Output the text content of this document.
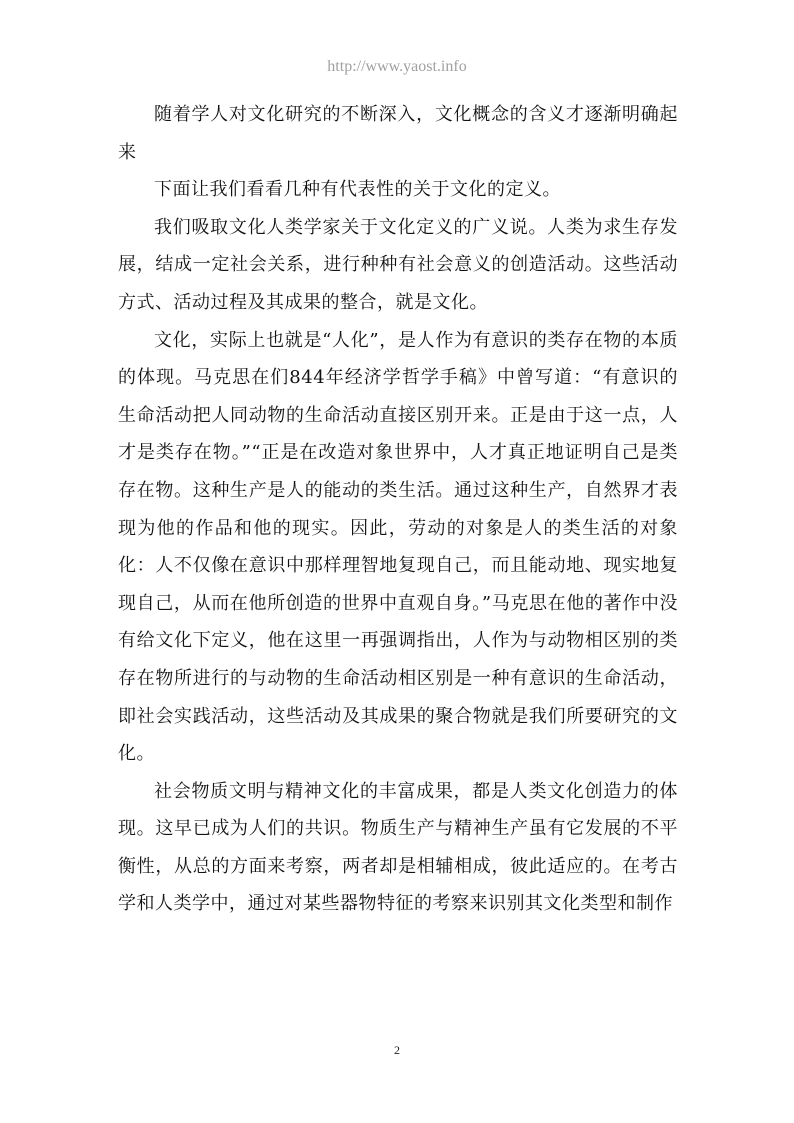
http://www.yaost.info

随着学人对文化研究的不断深入，文化概念的含义才逐渐明确起来

下面让我们看看几种有代表性的关于文化的定义。

我们吸取文化人类学家关于文化定义的广义说。人类为求生存发展，结成一定社会关系，进行种种有社会意义的创造活动。这些活动方式、活动过程及其成果的整合，就是文化。

文化，实际上也就是“人化”，是人作为有意识的类存在物的本质的体现。马克思在们844年经济学哲学手稿》中曾写道：“有意识的生命活动把人同动物的生命活动直接区别开来。正是由于这一点，人才是类存在物。”“正是在改造对象世界中，人才真正地证明自己是类存在物。这种生产是人的能动的类生活。通过这种生产，自然界才表现为他的作品和他的现实。因此，劳动的对象是人的类生活的对象化：人不仅像在意识中那样理智地复现自己，而且能动地、现实地复现自己，从而在他所创造的世界中直观自身。”马克思在他的著作中没有给文化下定义，他在这里一再强调指出，人作为与动物相区别的类存在物所进行的与动物的生命活动相区别是一种有意识的生命活动，即社会实践活动，这些活动及其成果的聚合物就是我们所要研究的文化。

社会物质文明与精神文化的丰富成果，都是人类文化创造力的体现。这早已成为人们的共识。物质生产与精神生产虽有它发展的不平衡性，从总的方面来考察，两者却是相辅相成，彼此适应的。在考古学和人类学中，通过对某些器物特征的考察来识别其文化类型和制作

2
